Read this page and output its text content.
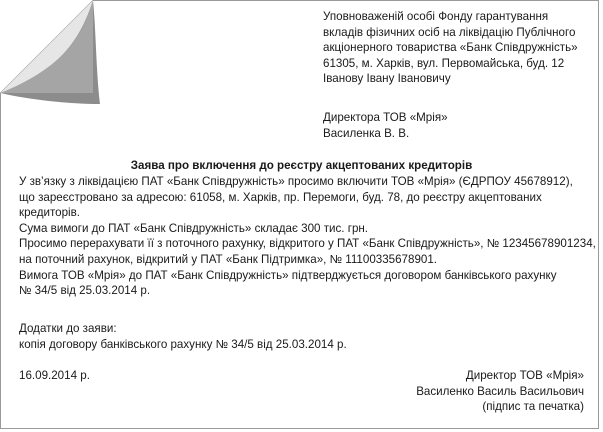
Уповноваженій особі Фонду гарантування
вкладів фізичних осіб на ліквідацію Публічного
акціонерного товариства «Банк Співдружність»
61305, м. Харків, вул. Первомайська, буд. 12
Іванову Івану Івановичу
Директора ТОВ «Мрія»
Василенка В. В.
Заява про включення до реєстру акцептованих кредиторів
У зв’язку з ліквідацією ПАТ «Банк Співдружність» просимо включити ТОВ «Мрія» (ЄДРПОУ 45678912),
що зареєстровано за адресою: 61058, м. Харків, пр. Перемоги, буд. 78, до реєстру акцептованих
кредиторів.
Сума вимоги до ПАТ «Банк Співдружність» складає 300 тис. грн.
Просимо перерахувати її з поточного рахунку, відкритого у ПАТ «Банк Співдружність», № 12345678901234,
на поточний рахунок, відкритий у ПАТ «Банк Підтримка», № 11100335678901.
Вимога ТОВ «Мрія» до ПАТ «Банк Співдружність» підтверджується договором банківського рахунку
№ 34/5 від 25.03.2014 р.
Додатки до заяви:
копія договору банківського рахунку № 34/5 від 25.03.2014 р.
16.09.2014 р.	Директор ТОВ «Мрія»
Василенко Василь Васильович
(підпис та печатка)
